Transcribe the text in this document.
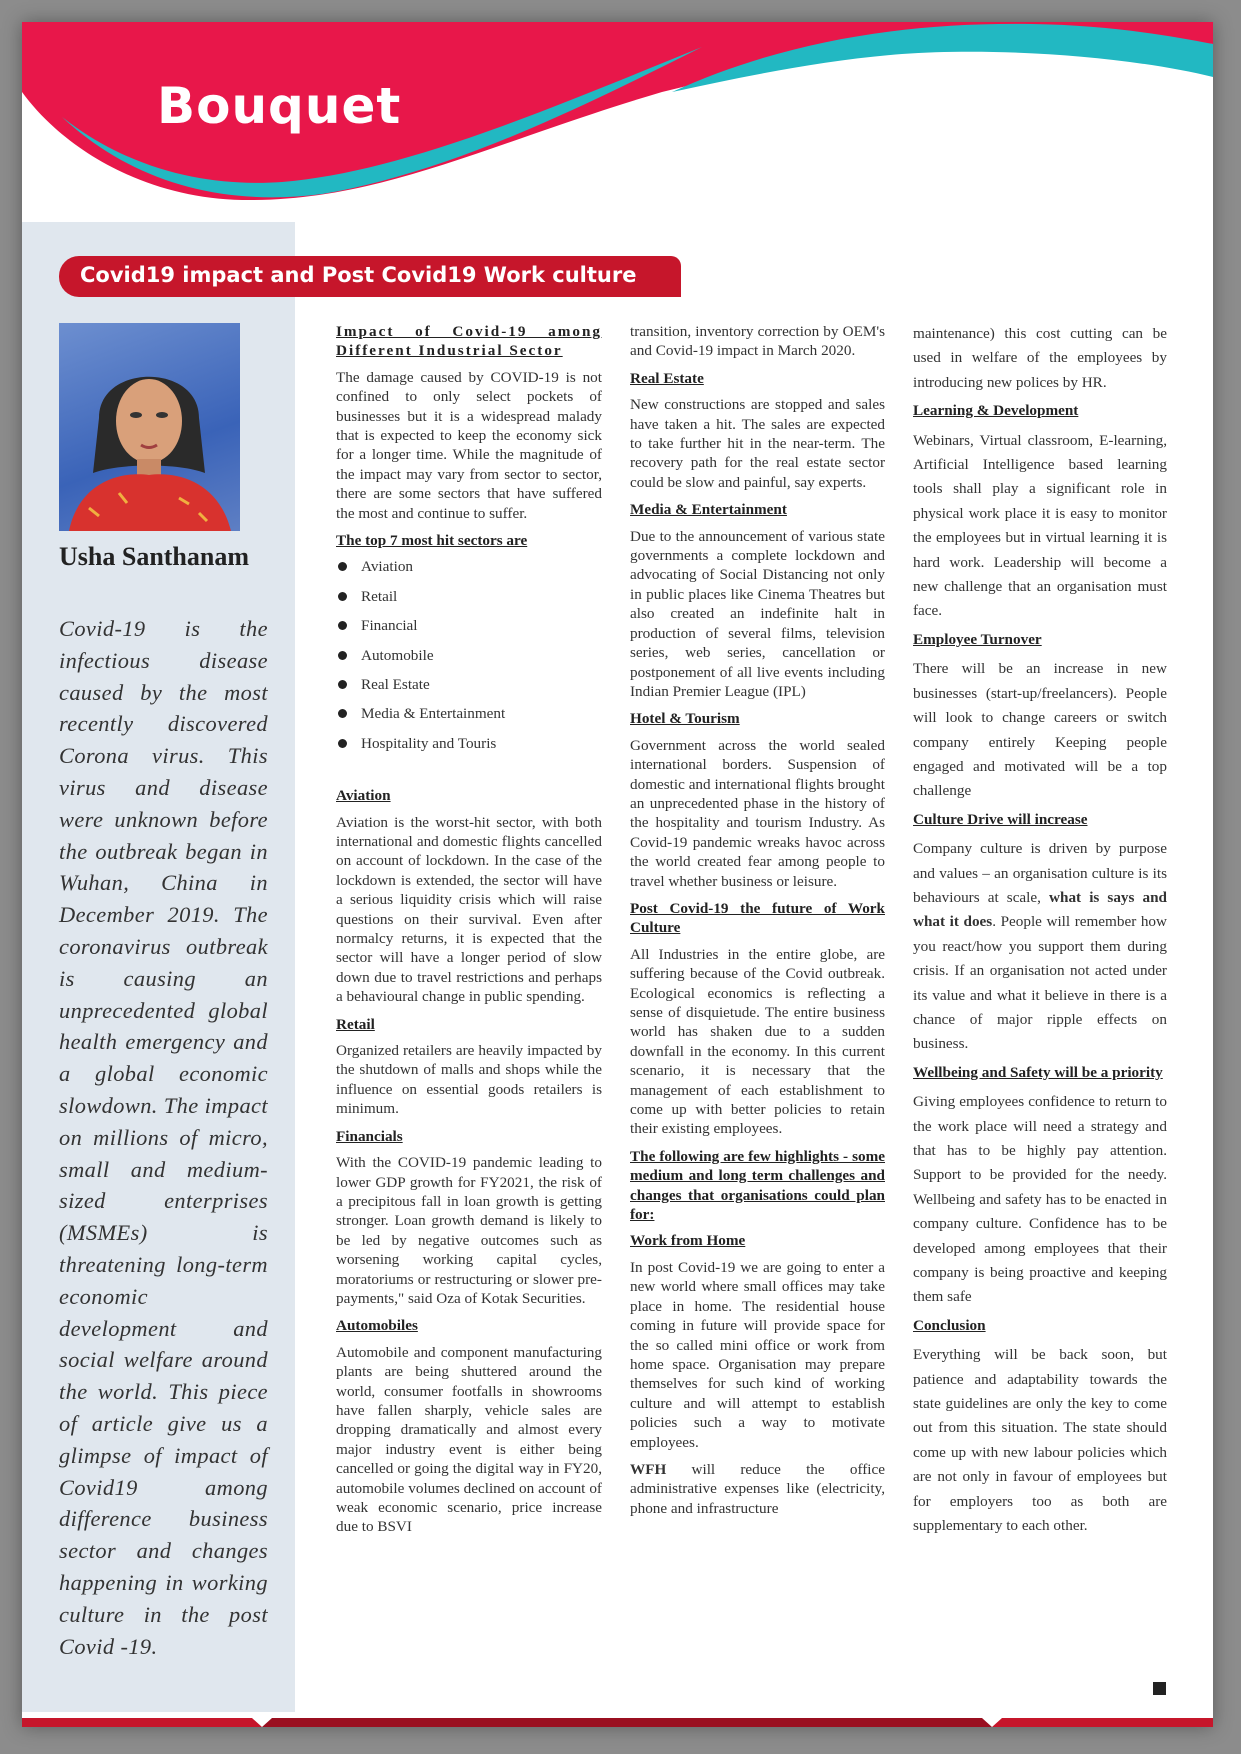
Bouquet
Covid19 impact and Post Covid19 Work culture
Usha Santhanam
Covid-19 is the infectious disease caused by the most recently discovered Corona virus. This virus and disease were unknown before the outbreak began in Wuhan, China in December 2019. The coronavirus outbreak is causing an unprecedented global health emergency and a global economic slowdown. The impact on millions of micro, small and medium-sized enterprises (MSMEs) is threatening long-term economic development and social welfare around the world. This piece of article give us a glimpse of impact of Covid19 among difference business sector and changes happening in working culture in the post Covid -19.
Impact of Covid-19 among Different Industrial Sector

The damage caused by COVID-19 is not confined to only select pockets of businesses but it is a widespread malady that is expected to keep the economy sick for a longer time. While the magnitude of the impact may vary from sector to sector, there are some sectors that have suffered the most and continue to suffer.

The top 7 most hit sectors are
Aviation
Retail
Financial
Automobile
Real Estate
Media & Entertainment
Hospitality and Touris
Aviation

Aviation is the worst-hit sector, with both international and domestic flights cancelled on account of lockdown. In the case of the lockdown is extended, the sector will have a serious liquidity crisis which will raise questions on their survival. Even after normalcy returns, it is expected that the sector will have a longer period of slow down due to travel restrictions and perhaps a behavioural change in public spending.

Retail

Organized retailers are heavily impacted by the shutdown of malls and shops while the influence on essential goods retailers is minimum.

Financials

With the COVID-19 pandemic leading to lower GDP growth for FY2021, the risk of a precipitous fall in loan growth is getting stronger. Loan growth demand is likely to be led by negative outcomes such as worsening working capital cycles, moratoriums or restructuring or slower pre-payments," said Oza of Kotak Securities.

Automobiles

Automobile and component manufacturing plants are being shuttered around the world, consumer footfalls in showrooms have fallen sharply, vehicle sales are dropping dramatically and almost every major industry event is either being cancelled or going the digital way in FY20, automobile volumes declined on account of weak economic scenario, price increase due to BSVI

transition, inventory correction by OEM's and Covid-19 impact in March 2020.

Real Estate

New constructions are stopped and sales have taken a hit. The sales are expected to take further hit in the near-term. The recovery path for the real estate sector could be slow and painful, say experts.

Media & Entertainment

Due to the announcement of various state governments a complete lockdown and advocating of Social Distancing not only in public places like Cinema Theatres but also created an indefinite halt in production of several films, television series, web series, cancellation or postponement of all live events including Indian Premier League (IPL)

Hotel & Tourism

Government across the world sealed international borders. Suspension of domestic and international flights brought an unprecedented phase in the history of the hospitality and tourism Industry. As Covid-19 pandemic wreaks havoc across the world created fear among people to travel whether business or leisure.

Post Covid-19 the future of Work Culture

All Industries in the entire globe, are suffering because of the Covid outbreak. Ecological economics is reflecting a sense of disquietude. The entire business world has shaken due to a sudden downfall in the economy. In this current scenario, it is necessary that the management of each establishment to come up with better policies to retain their existing employees.

The following are few highlights - some medium and long term challenges and changes that organisations could plan for:
Work from Home

In post Covid-19 we are going to enter a new world where small offices may take place in home. The residential house coming in future will provide space for the so called mini office or work from home space. Organisation may prepare themselves for such kind of working culture and will attempt to establish policies such a way to motivate employees.

WFH will reduce the office administrative expenses like (electricity, phone and infrastructure

maintenance) this cost cutting can be used in welfare of the employees by introducing new polices by HR.

Learning & Development

Webinars, Virtual classroom, E-learning, Artificial Intelligence based learning tools shall play a significant role in physical work place it is easy to monitor the employees but in virtual learning it is hard work. Leadership will become a new challenge that an organisation must face.

Employee Turnover

There will be an increase in new businesses (start-up/freelancers). People will look to change careers or switch company entirely Keeping people engaged and motivated will be a top challenge

Culture Drive will increase

Company culture is driven by purpose and values – an organisation culture is its behaviours at scale, what is says and what it does. People will remember how you react/how you support them during crisis. If an organisation not acted under its value and what it believe in there is a chance of major ripple effects on business.

Wellbeing and Safety will be a priority

Giving employees confidence to return to the work place will need a strategy and that has to be highly pay attention. Support to be provided for the needy. Wellbeing and safety has to be enacted in company culture. Confidence has to be developed among employees that their company is being proactive and keeping them safe

Conclusion

Everything will be back soon, but patience and adaptability towards the state guidelines are only the key to come out from this situation. The state should come up with new labour policies which are not only in favour of employees but for employers too as both are supplementary to each other.
